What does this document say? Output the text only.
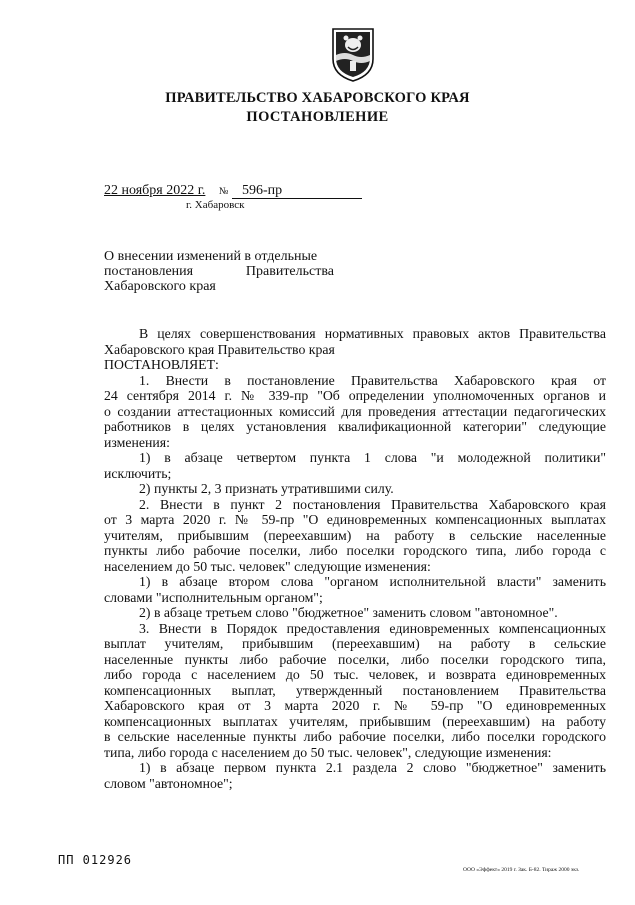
ПРАВИТЕЛЬСТВО ХАБАРОВСКОГО КРАЯ
ПОСТАНОВЛЕНИЕ
22 ноября 2022 г. № 596-пр
г. Хабаровск
О внесении изменений в отдельные
постановления	Правительства
Хабаровского края
В целях совершенствования нормативных правовых актов Правительства
Хабаровского края Правительство края
ПОСТАНОВЛЯЕТ:
1. Внести в постановление Правительства Хабаровского края от
24 сентября 2014 г. № 339-пр "Об определении уполномоченных органов и
о создании аттестационных комиссий для проведения аттестации педагогических
работников в целях установления квалификационной категории" следующие
изменения:
1) в абзаце четвертом пункта 1 слова "и молодежной политики"
исключить;
2) пункты 2, 3 признать утратившими силу.
2. Внести в пункт 2 постановления Правительства Хабаровского края
от 3 марта 2020 г. № 59-пр "О единовременных компенсационных выплатах
учителям, прибывшим (переехавшим) на работу в сельские населенные
пункты либо рабочие поселки, либо поселки городского типа, либо города с
населением до 50 тыс. человек" следующие изменения:
1) в абзаце втором слова "органом исполнительной власти" заменить
словами "исполнительным органом";
2) в абзаце третьем слово "бюджетное" заменить словом "автономное".
3. Внести в Порядок предоставления единовременных компенсационных
выплат учителям, прибывшим (переехавшим) на работу в сельские
населенные пункты либо рабочие поселки, либо поселки городского типа,
либо города с населением до 50 тыс. человек, и возврата единовременных
компенсационных выплат, утвержденный постановлением Правительства
Хабаровского края от 3 марта 2020 г. № 59-пр "О единовременных
компенсационных выплатах учителям, прибывшим (переехавшим) на работу
в сельские населенные пункты либо рабочие поселки, либо поселки городского
типа, либо города с населением до 50 тыс. человек", следующие изменения:
1) в абзаце первом пункта 2.1 раздела 2 слово "бюджетное" заменить
словом "автономное";
ПП 012926
ООО «Эффект» 2019 г. Зак. Б-82. Тираж 2000 экз.
